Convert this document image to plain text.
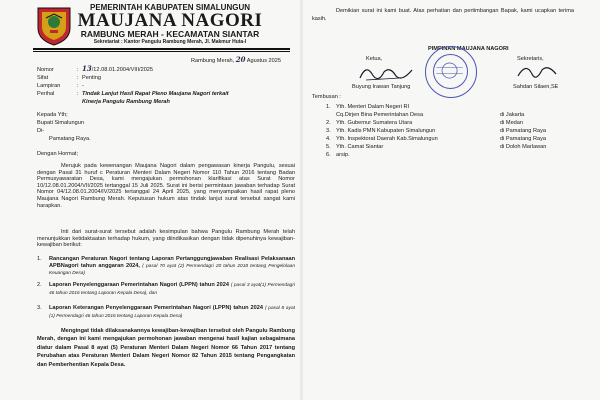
PEMERINTAH KABUPATEN SIMALUNGUN
MAUJANA NAGORI
RAMBUNG MERAH - KECAMATAN SIANTAR
Sekretariat : Kantor Pangulu Rambung Merah, Jl. Makmur Huta-I
Rambung Merah, 20 Agustus 2025
Nomor	: 13/12.08.01.2004/VIII/2025
Sifat	: Penting
Lampiran	: -
Perihal	: Tindak Lanjut Hasil Rapat Pleno Maujana Nagori terkait
Kinerja Pangulu Rambung Merah
Kepada Yth;
Bupati Simalungun
Di-
Pamatang Raya.
Dengan Hormat;
Merujuk pada kewenangan Maujana Nagori dalam pengawasan kinerja Pangulu, sesuai dengan Pasal 31 huruf c Peraturan Menteri Dalam Negeri Nomor 110 Tahun 2016 tentang Badan Permusyawaratan Desa, kami mengajukan permohonan klarifikasi atas Surat Nomor 10/12.08.01.2004/VII/2025 tertanggal 15 Juli 2025. Surat ini berisi permintaan jawaban terhadap Surat Nomor 04/12.08.01.2004/IV/2025 tertanggal 24 April 2025, yang menyampaikan hasil rapat pleno Maujana Nagori Rambung Merah. Keputusan hukum atas tindak lanjut surat tersebut sangat kami harapkan.
Inti dari surat-surat tersebut adalah kesimpulan bahwa Pangulu Rambung Merah telah menunjukkan ketidaktaatan terhadap hukum, yang diindikasikan dengan tidak dipenuhinya kewajiban-kewajiban berikut:
1. Rancangan Peraturan Nagori tentang Laporan Pertanggungjawaban Realisasi Pelaksanaan APBNagori tahun anggaran 2024, ( pasal 70 ayat (2) Permendagri 20 tahun 2018 tentang Pengelolaan Keuangan Desa)
2. Laporan Penyelenggaraan Pemerintahan Nagori (LPPN) tahun 2024 ( pasal 3 ayat(1) Permendagri 46 tahun 2016 tentang Laporan Kepala Desa), dan
3. Laporan Keterangan Penyelenggaraan Pemerintahan Nagori (LPPN) tahun 2024 ( pasal 8 ayat (1) Permendagri 46 tahun 2016 tentang Laporan Kepala Desa)
Mengingat tidak dilaksanakannya kewajiban-kewajiban tersebut oleh Pangulu Rambung Merah, dengan ini kami mengajukan permohonan jawaban mengenai hasil kajian sebagaimana diatur dalam Pasal 8 ayat (5) Peraturan Menteri Dalam Negeri Nomor 66 Tahun 2017 tentang Perubahan atas Peraturan Menteri Dalam Negeri Nomor 82 Tahun 2015 tentang Pengangkatan dan Pemberhentian Kepala Desa.
Demikian surat ini kami buat. Atas perhatian dan pertimbangan Bapak, kami ucapkan terima kasih.
PIMPINAN MAUJANA NAGORI
Ketua,	Sekretaris,
Buyung Irawan Tanjung	Sahdan Silaen,SE
Tembusan :
1. Yth. Menteri Dalam Negeri RI
Cq.Dirjen Bina Pemerintahan Desa	di Jakarta
2. Yth. Gubernur Sumatera Utara	di Medan
3. Yth. Kadis PMN Kabupaten Simalungun	di Pamatang Raya
4. Yth. Inspektorat Daerah Kab.Simalungun	di Pamatang Raya
5. Yth. Camat Siantar	di Doloh Marlawan
6. arsip.
